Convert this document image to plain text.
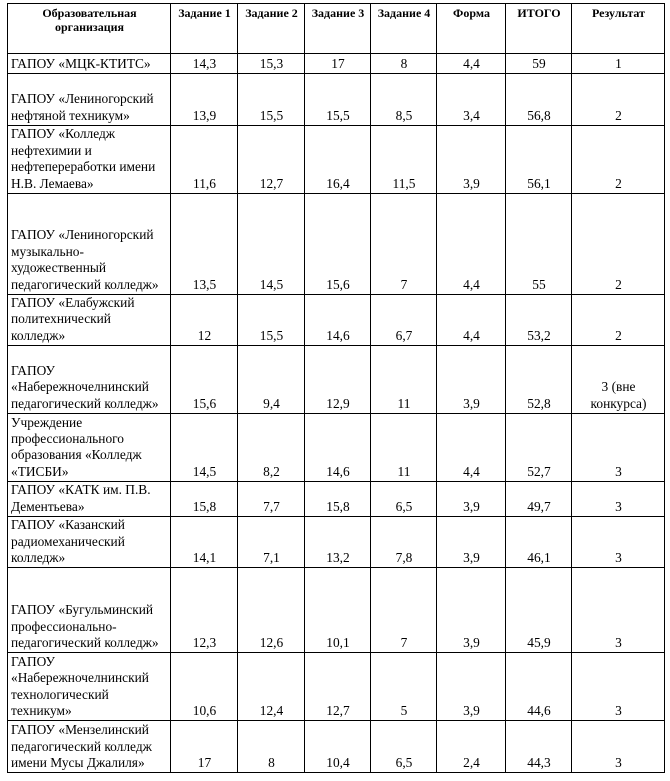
Образовательная организация	Задание 1	Задание 2	Задание 3	Задание 4	Форма	ИТОГО	Результат
ГАПОУ «МЦК-КТИТС»	14,3	15,3	17	8	4,4	59	1
ГАПОУ «Лениногорский нефтяной техникум»	13,9	15,5	15,5	8,5	3,4	56,8	2
ГАПОУ «Колледж нефтехимии и нефтепереработки имени Н.В. Лемаева»	11,6	12,7	16,4	11,5	3,9	56,1	2
ГАПОУ «Лениногорский музыкально-художественный педагогический колледж»	13,5	14,5	15,6	7	4,4	55	2
ГАПОУ «Елабужский политехнический колледж»	12	15,5	14,6	6,7	4,4	53,2	2
ГАПОУ «Набережночелнинский педагогический колледж»	15,6	9,4	12,9	11	3,9	52,8	3 (вне конкурса)
Учреждение профессионального образования «Колледж «ТИСБИ»	14,5	8,2	14,6	11	4,4	52,7	3
ГАПОУ «КАТК им. П.В. Дементьева»	15,8	7,7	15,8	6,5	3,9	49,7	3
ГАПОУ «Казанский радиомеханический колледж»	14,1	7,1	13,2	7,8	3,9	46,1	3
ГАПОУ «Бугульминский профессионально-педагогический колледж»	12,3	12,6	10,1	7	3,9	45,9	3
ГАПОУ «Набережночелнинский технологический техникум»	10,6	12,4	12,7	5	3,9	44,6	3
ГАПОУ «Мензелинский педагогический колледж имени Мусы Джалиля»	17	8	10,4	6,5	2,4	44,3	3
